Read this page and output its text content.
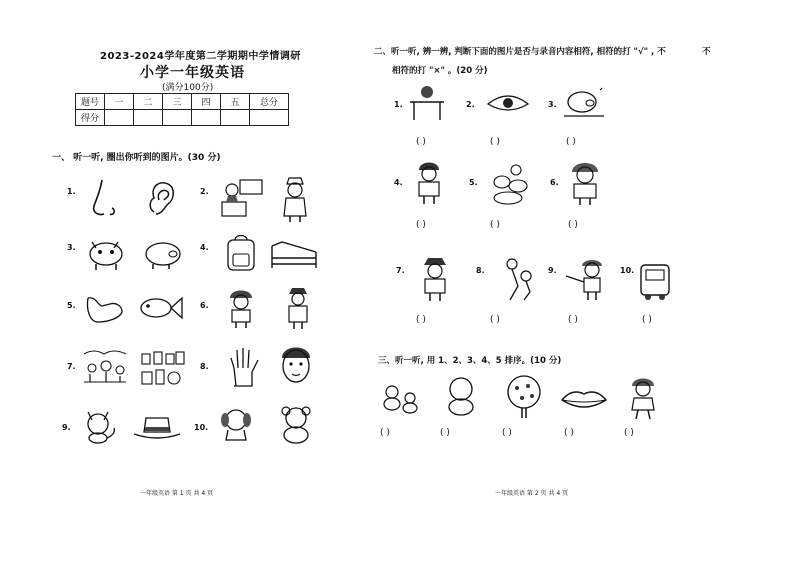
2023-2024学年度第二学期期中学情调研
小学一年级英语
(满分100分)
题号	一	二	三	四	五	总分
得分						
一、 听一听, 圈出你听到的图片。(30 分)
1.	2.
3.	4.
5.	6.
7.	8.
9.	10.
一年级英语 第 1 页 共 4 页
二、听一听, 辨一辨, 判断下面的图片是否与录音内容相符, 相符的打 "√" , 不	不
相符的打 "×" 。(20 分)
1.
( )
2.
( )
3.
( )
4.
( )
5.
( )
6.
( )
7.
( )
8.
( )
9.
( )
10.
( )
三、听一听, 用 1、2、3、4、5 排序。(10 分)
( )	( )	( )	( )	( )
一年级英语 第 2 页 共 4 页
